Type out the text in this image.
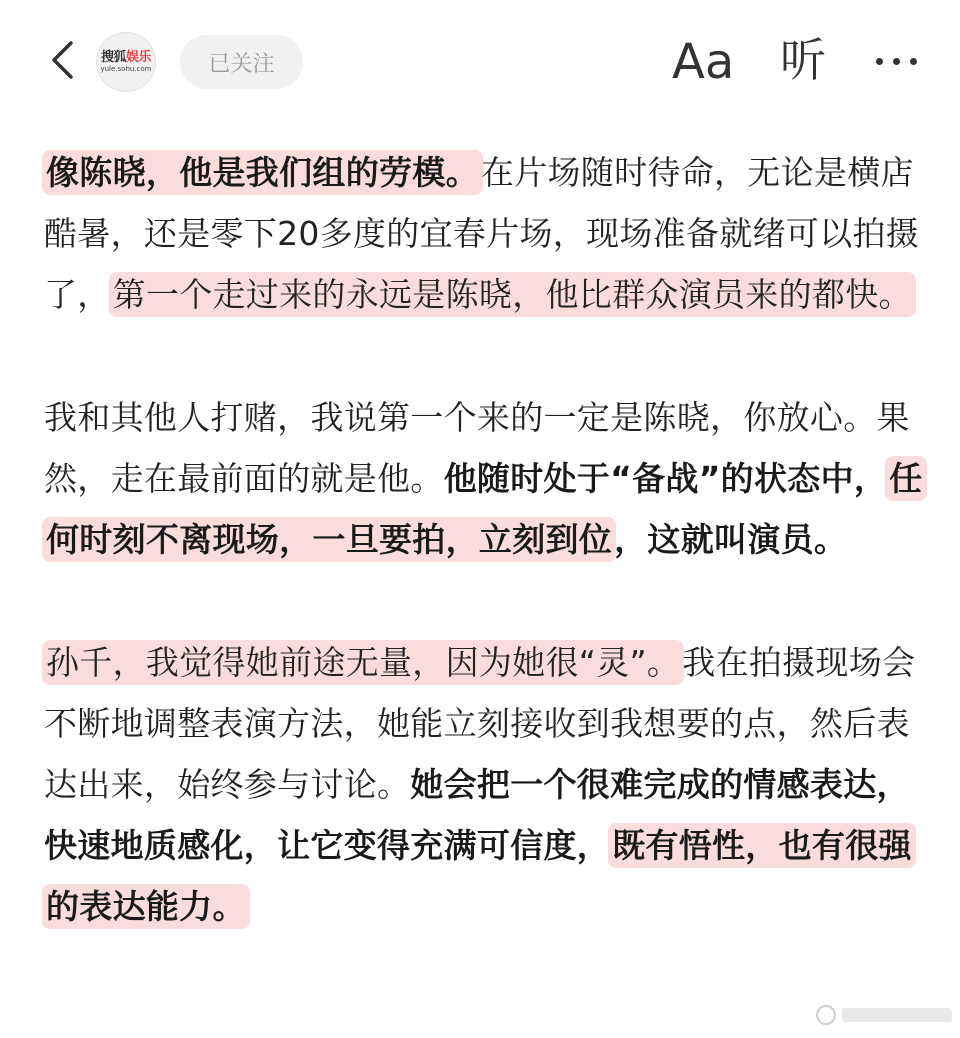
搜狐娱乐
yule.sohu.com	已关注	Aa 听

像陈晓，他是我们组的劳模。在片场随时待命，无论是横店酷暑，还是零下20多度的宜春片场，现场准备就绪可以拍摄了，第一个走过来的永远是陈晓，他比群众演员来的都快。

我和其他人打赌，我说第一个来的一定是陈晓，你放心。果然，走在最前面的就是他。他随时处于“备战”的状态中，任何时刻不离现场，一旦要拍，立刻到位，这就叫演员。

孙千，我觉得她前途无量，因为她很“灵”。我在拍摄现场会不断地调整表演方法，她能立刻接收到我想要的点，然后表达出来，始终参与讨论。她会把一个很难完成的情感表达，快速地质感化，让它变得充满可信度，既有悟性，也有很强的表达能力。
